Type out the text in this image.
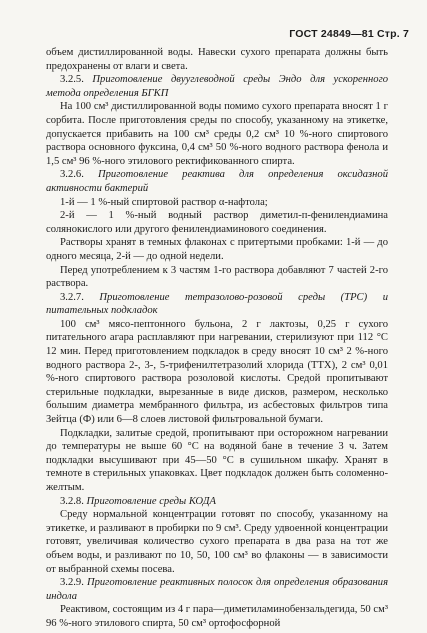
ГОСТ 24849—81 Стр. 7

объем дистиллированной воды. Навески сухого препарата должны быть предохранены от влаги и света.

3.2.5. Приготовление двууглеводной среды Эндо для ускоренного метода определения БГКП

На 100 см³ дистиллированной воды помимо сухого препарата вносят 1 г сорбита. После приготовления среды по способу, указанному на этикетке, допускается прибавить на 100 см³ среды 0,2 см³ 10 %-ного спиртового раствора основного фуксина, 0,4 см³ 50 %-ного водного раствора фенола и 1,5 см³ 96 %-ного этилового ректификованного спирта.

3.2.6. Приготовление реактива для определения оксидазной активности бактерий

1-й — 1 %-ный спиртовой раствор α-нафтола;

2-й — 1 %-ный водный раствор диметил-п-фенилендиамина солянокислого или другого фенилендиаминового соединения.

Растворы хранят в темных флаконах с притертыми пробками: 1-й — до одного месяца, 2-й — до одной недели.

Перед употреблением к 3 частям 1-го раствора добавляют 7 частей 2-го раствора.

3.2.7. Приготовление тетразолово-розовой среды (ТРС) и питательных подкладок

100 см³ мясо-пептонного бульона, 2 г лактозы, 0,25 г сухого питательного агара расплавляют при нагревании, стерилизуют при 112 °С 12 мин. Перед приготовлением подкладок в среду вносят 10 см³ 2 %-ного водного раствора 2-, 3-, 5-трифенилтетразолий хлорида (ТТХ), 2 см³ 0,01 %-ного спиртового раствора розоловой кислоты. Средой пропитывают стерильные подкладки, вырезанные в виде дисков, размером, несколько большим диаметра мембранного фильтра, из асбестовых фильтров типа Зейтца (Ф) или 6—8 слоев листовой фильтровальной бумаги.

Подкладки, залитые средой, пропитывают при осторожном нагревании до температуры не выше 60 °С на водяной бане в течение 3 ч. Затем подкладки высушивают при 45—50 °С в сушильном шкафу. Хранят в темноте в стерильных упаковках. Цвет подкладок должен быть соломенно-желтым.

3.2.8. Приготовление среды КОДА

Среду нормальной концентрации готовят по способу, указанному на этикетке, и разливают в пробирки по 9 см³. Среду удвоенной концентрации готовят, увеличивая количество сухого препарата в два раза на тот же объем воды, и разливают по 10, 50, 100 см³ во флаконы — в зависимости от выбранной схемы посева.

3.2.9. Приготовление реактивных полосок для определения образования индола

Реактивом, состоящим из 4 г пара—диметиламинобензальдегида, 50 см³ 96 %-ного этилового спирта, 50 см³ ортофосфорной
